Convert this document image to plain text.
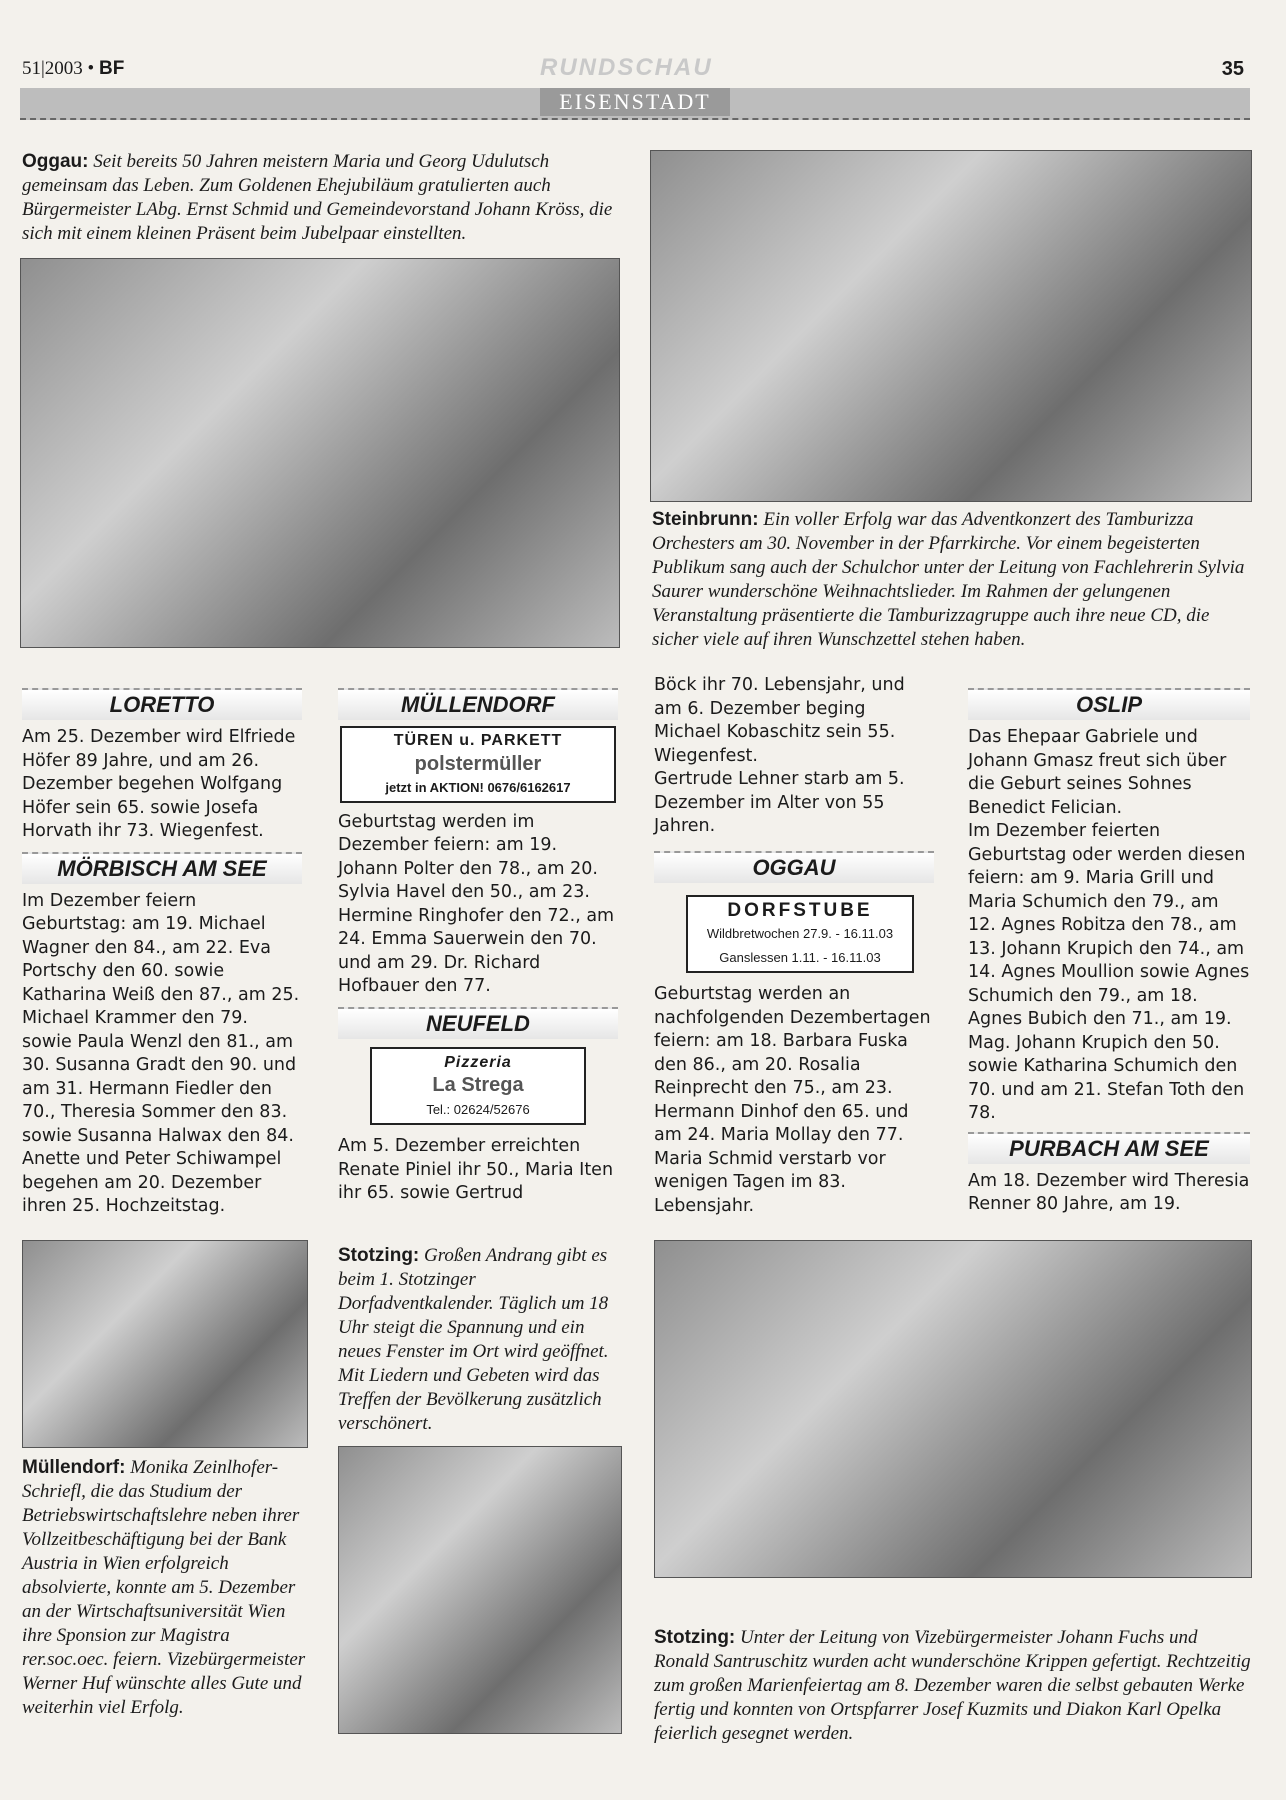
51|2003 • BF	RUNDSCHAU	35
EISENSTADT
Oggau: Seit bereits 50 Jahren meistern Maria und Georg Udulutsch gemeinsam das Leben. Zum Goldenen Ehejubiläum gratulierten auch Bürgermeister LAbg. Ernst Schmid und Gemeindevorstand Johann Kröss, die sich mit einem kleinen Präsent beim Jubelpaar einstellten.
Steinbrunn: Ein voller Erfolg war das Adventkonzert des Tamburizza Orchesters am 30. November in der Pfarrkirche. Vor einem begeisterten Publikum sang auch der Schulchor unter der Leitung von Fachlehrerin Sylvia Saurer wunderschöne Weihnachtslieder. Im Rahmen der gelungenen Veranstaltung präsentierte die Tamburizzagruppe auch ihre neue CD, die sicher viele auf ihren Wunschzettel stehen haben.
LORETTO

Am 25. Dezember wird Elfriede Höfer 89 Jahre, und am 26. Dezember begehen Wolfgang Höfer sein 65. sowie Josefa Horvath ihr 73. Wiegenfest.

MÖRBISCH AM SEE

Im Dezember feiern Geburtstag: am 19. Michael Wagner den 84., am 22. Eva Portschy den 60. sowie Katharina Weiß den 87., am 25. Michael Krammer den 79. sowie Paula Wenzl den 81., am 30. Susanna Gradt den 90. und am 31. Hermann Fiedler den 70., Theresia Sommer den 83. sowie Susanna Halwax den 84. Anette und Peter Schiwampel begehen am 20. Dezember ihren 25. Hochzeitstag.

MÜLLENDORF
TÜREN u. PARKETT
polstermüller
jetzt in AKTION! 0676/6162617

Geburtstag werden im Dezember feiern: am 19. Johann Polter den 78., am 20. Sylvia Havel den 50., am 23. Hermine Ringhofer den 72., am 24. Emma Sauerwein den 70. und am 29. Dr. Richard Hofbauer den 77.

NEUFELD
Pizzeria
La Strega
Tel.: 02624/52676

Am 5. Dezember erreichten Renate Piniel ihr 50., Maria Iten ihr 65. sowie Gertrud

Böck ihr 70. Lebensjahr, und am 6. Dezember beging Michael Kobaschitz sein 55. Wiegenfest.

Gertrude Lehner starb am 5. Dezember im Alter von 55 Jahren.

OGGAU
DORFSTUBE
Wildbretwochen 27.9. - 16.11.03
Ganslessen 1.11. - 16.11.03

Geburtstag werden an nachfolgenden Dezembertagen feiern: am 18. Barbara Fuska den 86., am 20. Rosalia Reinprecht den 75., am 23. Hermann Dinhof den 65. und am 24. Maria Mollay den 77.

Maria Schmid verstarb vor wenigen Tagen im 83. Lebensjahr.

OSLIP

Das Ehepaar Gabriele und Johann Gmasz freut sich über die Geburt seines Sohnes Benedict Felician.

Im Dezember feierten Geburtstag oder werden diesen feiern: am 9. Maria Grill und Maria Schumich den 79., am 12. Agnes Robitza den 78., am 13. Johann Krupich den 74., am 14. Agnes Moullion sowie Agnes Schumich den 79., am 18. Agnes Bubich den 71., am 19. Mag. Johann Krupich den 50. sowie Katharina Schumich den 70. und am 21. Stefan Toth den 78.

PURBACH AM SEE

Am 18. Dezember wird Theresia Renner 80 Jahre, am 19.

Müllendorf: Monika Zeinlhofer-Schriefl, die das Studium der Betriebswirtschaftslehre neben ihrer Vollzeitbeschäftigung bei der Bank Austria in Wien erfolgreich absolvierte, konnte am 5. Dezember an der Wirtschaftsuniversität Wien ihre Sponsion zur Magistra rer.soc.oec. feiern. Vizebürgermeister Werner Huf wünschte alles Gute und weiterhin viel Erfolg.
Stotzing: Großen Andrang gibt es beim 1. Stotzinger Dorfadventkalender. Täglich um 18 Uhr steigt die Spannung und ein neues Fenster im Ort wird geöffnet. Mit Liedern und Gebeten wird das Treffen der Bevölkerung zusätzlich verschönert.
Stotzing: Unter der Leitung von Vizebürgermeister Johann Fuchs und Ronald Santruschitz wurden acht wunderschöne Krippen gefertigt. Rechtzeitig zum großen Marienfeiertag am 8. Dezember waren die selbst gebauten Werke fertig und konnten von Ortspfarrer Josef Kuzmits und Diakon Karl Opelka feierlich gesegnet werden.
